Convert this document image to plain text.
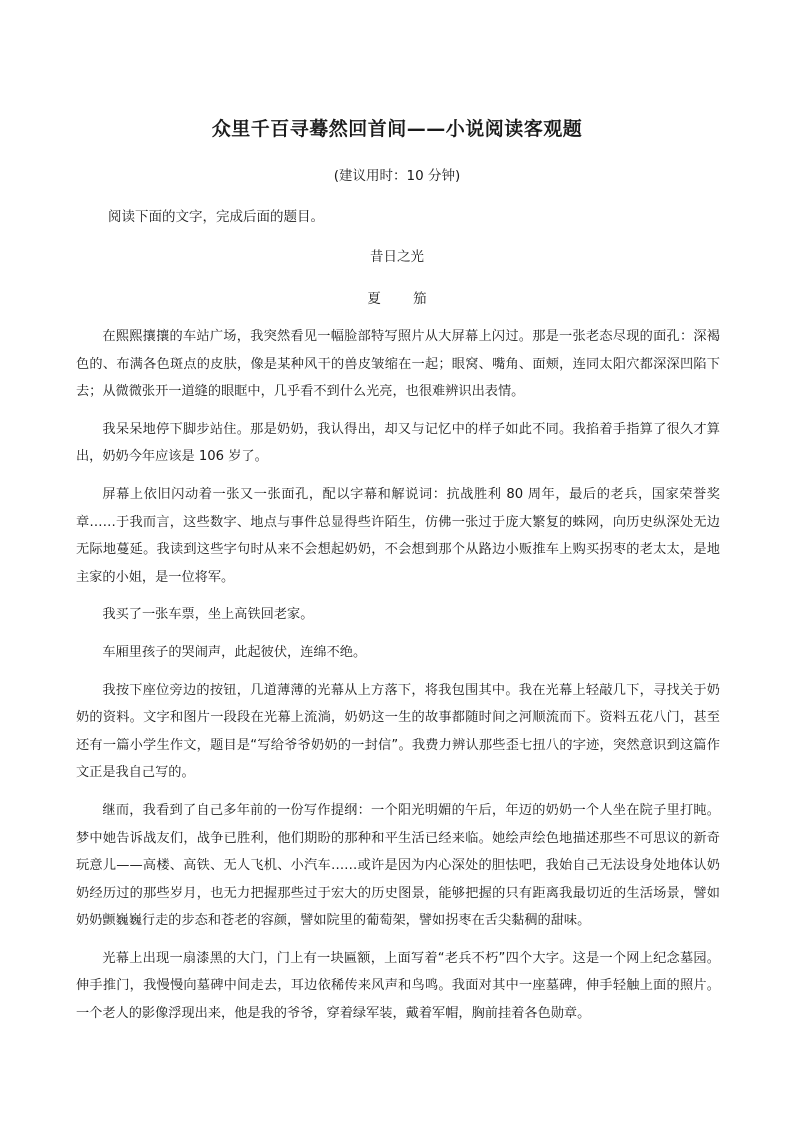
众里千百寻蓦然回首间——小说阅读客观题
(建议用时：10 分钟)
阅读下面的文字，完成后面的题目。
昔日之光
夏 笳

在熙熙攘攘的车站广场，我突然看见一幅脸部特写照片从大屏幕上闪过。那是一张老态尽现的面孔：深褐色的、布满各色斑点的皮肤，像是某种风干的兽皮皱缩在一起；眼窝、嘴角、面颊，连同太阳穴都深深凹陷下去；从微微张开一道缝的眼眶中，几乎看不到什么光亮，也很难辨识出表情。

我呆呆地停下脚步站住。那是奶奶，我认得出，却又与记忆中的样子如此不同。我掐着手指算了很久才算出，奶奶今年应该是 106 岁了。

屏幕上依旧闪动着一张又一张面孔，配以字幕和解说词：抗战胜利 80 周年，最后的老兵，国家荣誉奖章……于我而言，这些数字、地点与事件总显得些许陌生，仿佛一张过于庞大繁复的蛛网，向历史纵深处无边无际地蔓延。我读到这些字句时从来不会想起奶奶，不会想到那个从路边小贩推车上购买拐枣的老太太，是地主家的小姐，是一位将军。

我买了一张车票，坐上高铁回老家。

车厢里孩子的哭闹声，此起彼伏，连绵不绝。

我按下座位旁边的按钮，几道薄薄的光幕从上方落下，将我包围其中。我在光幕上轻敲几下，寻找关于奶奶的资料。文字和图片一段段在光幕上流淌，奶奶这一生的故事都随时间之河顺流而下。资料五花八门，甚至还有一篇小学生作文，题目是“写给爷爷奶奶的一封信”。我费力辨认那些歪七扭八的字迹，突然意识到这篇作文正是我自己写的。

继而，我看到了自己多年前的一份写作提纲：一个阳光明媚的午后，年迈的奶奶一个人坐在院子里打盹。梦中她告诉战友们，战争已胜利，他们期盼的那种和平生活已经来临。她绘声绘色地描述那些不可思议的新奇玩意儿——高楼、高铁、无人飞机、小汽车……或许是因为内心深处的胆怯吧，我始自己无法设身处地体认奶奶经历过的那些岁月，也无力把握那些过于宏大的历史图景，能够把握的只有距离我最切近的生活场景，譬如奶奶颤巍巍行走的步态和苍老的容颜，譬如院里的葡萄架，譬如拐枣在舌尖黏稠的甜味。

光幕上出现一扇漆黑的大门，门上有一块匾额，上面写着“老兵不朽”四个大字。这是一个网上纪念墓园。伸手推门，我慢慢向墓碑中间走去，耳边依稀传来风声和鸟鸣。我面对其中一座墓碑，伸手轻触上面的照片。一个老人的影像浮现出来，他是我的爷爷，穿着绿军装，戴着军帽，胸前挂着各色勋章。
